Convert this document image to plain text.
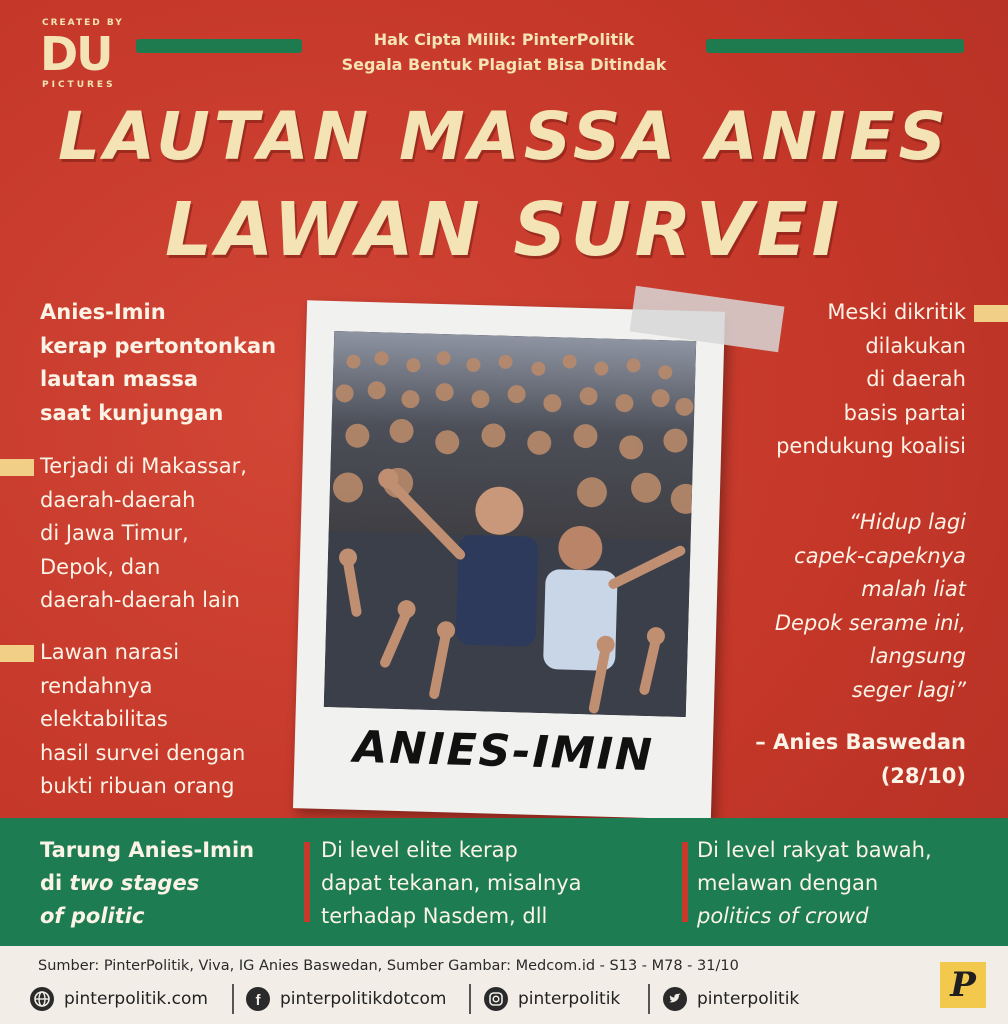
CREATED BY
DU
PICTURES
Hak Cipta Milik: PinterPolitik
Segala Bentuk Plagiat Bisa Ditindak
LAUTAN MASSA ANIES
LAWAN SURVEI
Anies-Imin
kerap pertontonkan
lautan massa
saat kunjungan
Terjadi di Makassar,
daerah-daerah
di Jawa Timur,
Depok, dan
daerah-daerah lain
Lawan narasi
rendahnya
elektabilitas
hasil survei dengan
bukti ribuan orang
ANIES-IMIN
Meski dikritik
dilakukan
di daerah
basis partai
pendukung koalisi
“Hidup lagi
capek-capeknya
malah liat
Depok serame ini,
langsung
seger lagi”
– Anies Baswedan
(28/10)
Tarung Anies-Imin
di two stages
of politic
Di level elite kerap
dapat tekanan, misalnya
terhadap Nasdem, dll
Di level rakyat bawah,
melawan dengan
politics of crowd
Sumber: PinterPolitik, Viva, IG Anies Baswedan, Sumber Gambar: Medcom.id - S13 - M78 - 31/10
pinterpolitik.com	f pinterpolitikdotcom	pinterpolitik	pinterpolitik	P
